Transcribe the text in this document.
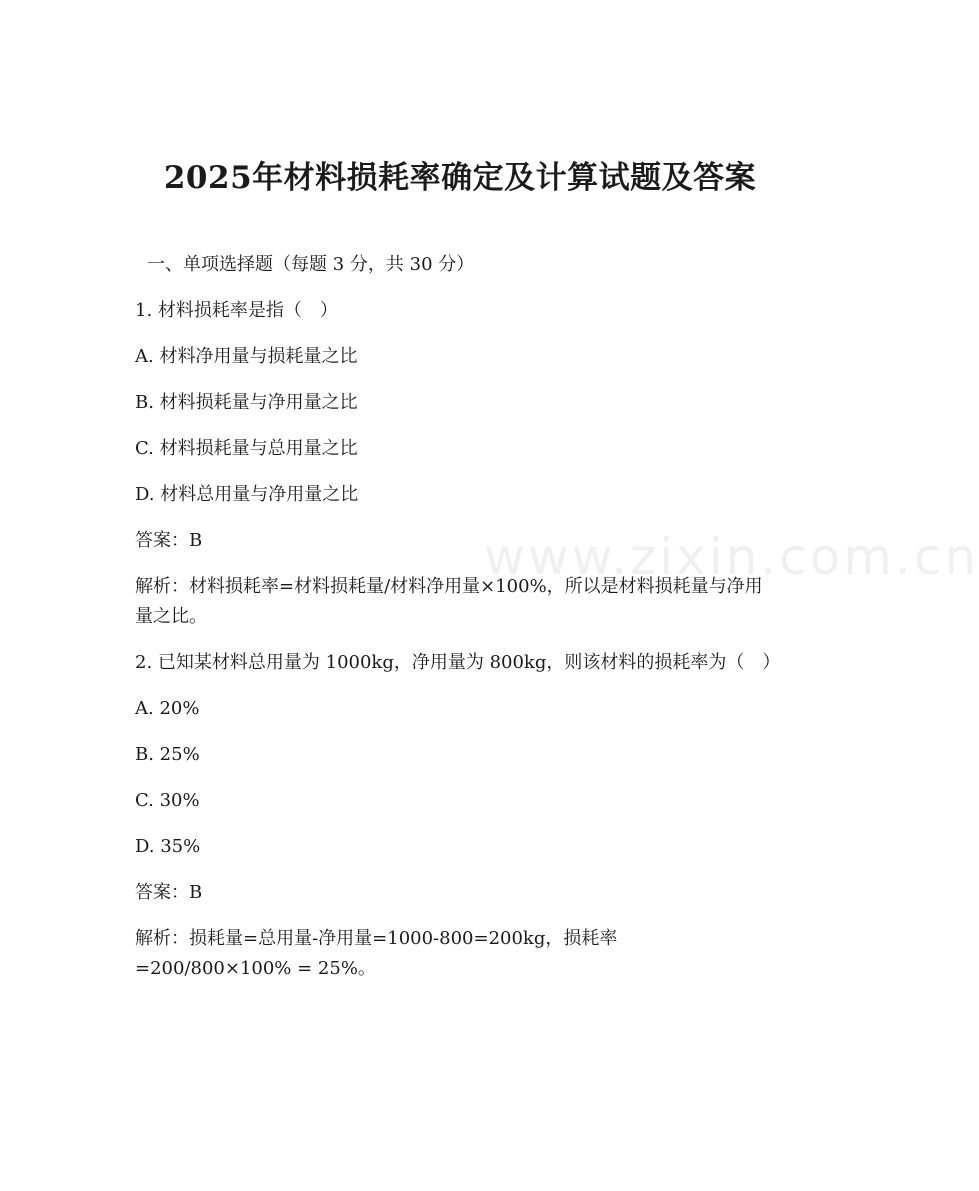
2025年材料损耗率确定及计算试题及答案
一、单项选择题（每题 3 分，共 30 分）
1. 材料损耗率是指（　）
A. 材料净用量与损耗量之比
B. 材料损耗量与净用量之比
C. 材料损耗量与总用量之比
D. 材料总用量与净用量之比
答案：B
解析：材料损耗率=材料损耗量/材料净用量×100%，所以是材料损耗量与净用量之比。
2. 已知某材料总用量为 1000kg，净用量为 800kg，则该材料的损耗率为（　）
A. 20%
B. 25%
C. 30%
D. 35%
答案：B
解析：损耗量=总用量-净用量=1000-800=200kg，损耗率
=200/800×100% = 25%。
www.zixin.com.cn
